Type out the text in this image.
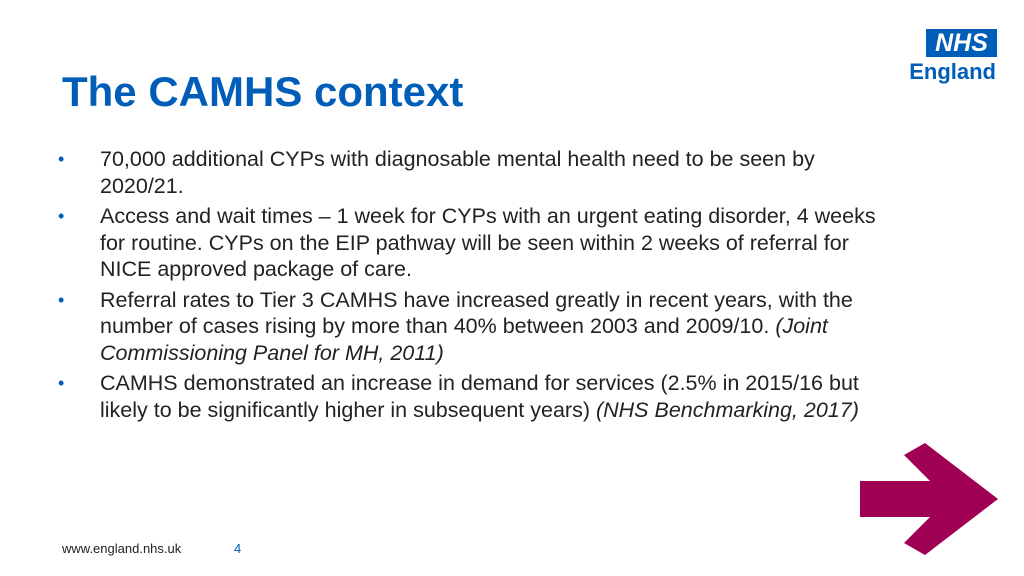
The CAMHS context
NHS
England
• 70,000 additional CYPs with diagnosable mental health need to be seen by 2020/21.
• Access and wait times – 1 week for CYPs with an urgent eating disorder, 4 weeks for routine. CYPs on the EIP pathway will be seen within 2 weeks of referral for NICE approved package of care.
• Referral rates to Tier 3 CAMHS have increased greatly in recent years, with the number of cases rising by more than 40% between 2003 and 2009/10. (Joint Commissioning Panel for MH, 2011)
• CAMHS demonstrated an increase in demand for services (2.5% in 2015/16 but likely to be significantly higher in subsequent years) (NHS Benchmarking, 2017)
www.england.nhs.uk	4
